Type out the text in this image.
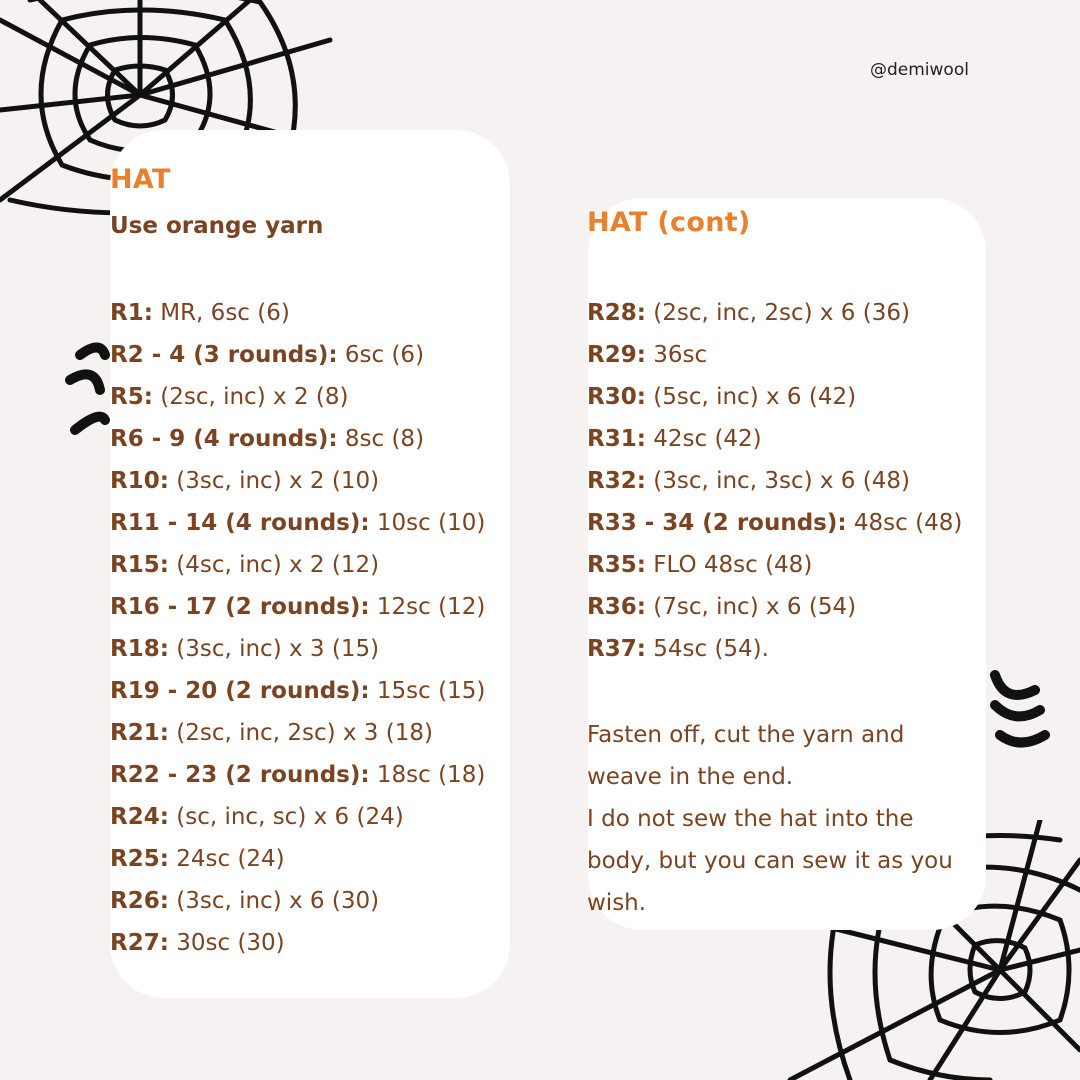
@demiwool
HAT
Use orange yarn
R1: MR, 6sc (6)
R2 - 4 (3 rounds): 6sc (6)
R5: (2sc, inc) x 2 (8)
R6 - 9 (4 rounds): 8sc (8)
R10: (3sc, inc) x 2 (10)
R11 - 14 (4 rounds): 10sc (10)
R15: (4sc, inc) x 2 (12)
R16 - 17 (2 rounds): 12sc (12)
R18: (3sc, inc) x 3 (15)
R19 - 20 (2 rounds): 15sc (15)
R21: (2sc, inc, 2sc) x 3 (18)
R22 - 23 (2 rounds): 18sc (18)
R24: (sc, inc, sc) x 6 (24)
R25: 24sc (24)
R26: (3sc, inc) x 6 (30)
R27: 30sc (30)
HAT (cont)
R28: (2sc, inc, 2sc) x 6 (36)
R29: 36sc
R30: (5sc, inc) x 6 (42)
R31: 42sc (42)
R32: (3sc, inc, 3sc) x 6 (48)
R33 - 34 (2 rounds): 48sc (48)
R35: FLO 48sc (48)
R36: (7sc, inc) x 6 (54)
R37: 54sc (54).

Fasten off, cut the yarn and weave in the end.

I do not sew the hat into the body, but you can sew it as you wish.
